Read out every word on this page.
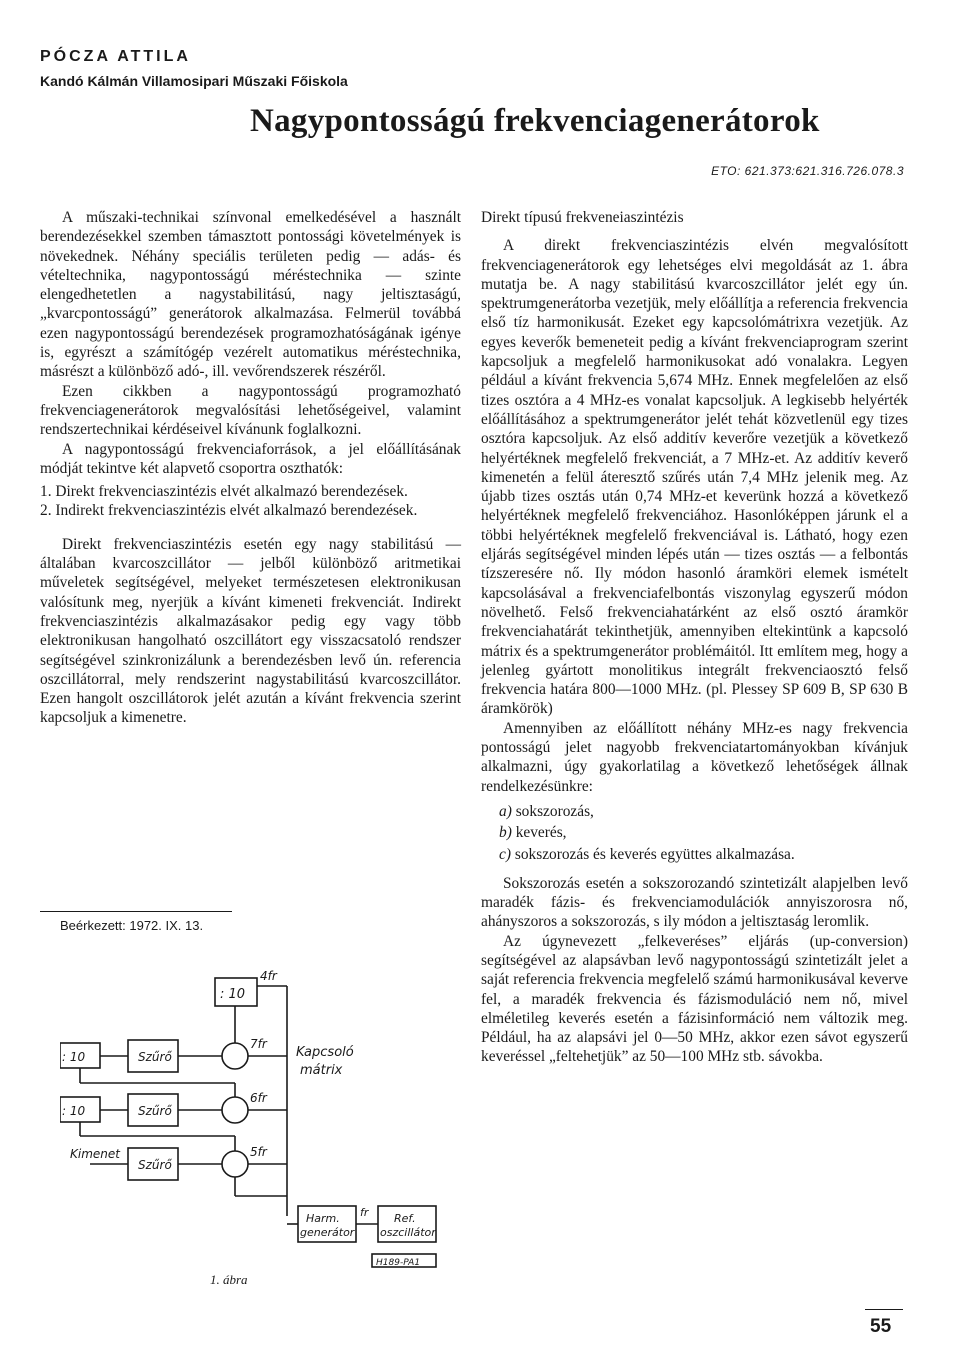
PÓCZA ATTILA
Kandó Kálmán Villamosipari Műszaki Főiskola
Nagypontosságú frekvenciagenerátorok
ETO: 621.373:621.316.726.078.3

A műszaki-technikai színvonal emelkedésével a használt berendezésekkel szemben támasztott pontossági követelmények is növekednek. Néhány speciális területen pedig — adás- és vételtechnika, nagypontosságú méréstechnika — szinte elengedhetetlen a nagystabilitású, nagy jeltisztaságú, „kvarcpontosságú” generátorok alkalmazása. Felmerül továbbá ezen nagypontosságú berendezések programozhatóságának igénye is, egyrészt a számítógép vezérelt automatikus méréstechnika, másrészt a különböző adó-, ill. vevőrendszerek részéről.

Ezen cikkben a nagypontosságú programozható frekvenciagenerátorok megvalósítási lehetőségeivel, valamint rendszertechnikai kérdéseivel kívánunk foglalkozni.

A nagypontosságú frekvenciaforrások, a jel előállításának módját tekintve két alapvető csoportra oszthatók:

1. Direkt frekvenciaszintézis elvét alkalmazó berendezések.
2. Indirekt frekvenciaszintézis elvét alkalmazó berendezések.

Direkt frekvenciaszintézis esetén egy nagy stabilitású — általában kvarcoszcillátor — jelből különböző aritmetikai műveletek segítségével, melyeket természetesen elektronikusan valósítunk meg, nyerjük a kívánt kimeneti frekvenciát. Indirekt frekvenciaszintézis alkalmazásakor pedig egy vagy több elektronikusan hangolható oszcillátort egy visszacsatoló rendszer segítségével szinkronizálunk a berendezésben levő ún. referencia oszcillátorral, mely rendszerint nagystabilitású kvarcoszcillátor. Ezen hangolt oszcillátorok jelét azután a kívánt frekvencia szerint kapcsoljuk a kimenetre.

Beérkezett: 1972. IX. 13.
: 10
4fr
: 10	Szűrő
7fr
: 10	Szűrő
6fr
Szűrő
5fr
Kimenet
Kapcsoló
mátrix
fr
Harm.
generátor
Ref.
oszcillátor
H189-PA1
1. ábra

Direkt típusú frekveneiaszintézis

A direkt frekvenciaszintézis elvén megvalósított frekvenciagenerátorok egy lehetséges elvi megoldását az 1. ábra mutatja be. A nagy stabilitású kvarcoszcillátor jelét egy ún. spektrumgenerátorba vezetjük, mely előállítja a referencia frekvencia első tíz harmonikusát. Ezeket egy kapcsolómátrixra vezetjük. Az egyes keverők bemeneteit pedig a kívánt frekvenciaprogram szerint kapcsoljuk a megfelelő harmonikusokat adó vonalakra. Legyen például a kívánt frekvencia 5,674 MHz. Ennek megfelelően az első tizes osztóra a 4 MHz-es vonalat kapcsoljuk. A legkisebb helyérték előállításához a spektrumgenerátor jelét tehát közvetlenül egy tizes osztóra kapcsoljuk. Az első additív keverőre vezetjük a következő helyértéknek megfelelő frekvenciát, a 7 MHz-et. Az additív keverő kimenetén a felül áteresztő szűrés után 7,4 MHz jelenik meg. Az újabb tizes osztás után 0,74 MHz-et keverünk hozzá a következő helyértéknek megfelelő frekvenciához. Hasonlóképpen járunk el a többi helyértéknek megfelelő frekvenciával is. Látható, hogy ezen eljárás segítségével minden lépés után — tizes osztás — a felbontás tízszeresére nő. Ily módon hasonló áramköri elemek ismételt kapcsolásával a frekvenciafelbontás viszonylag egyszerű módon növelhető. Felső frekvenciahatárként az első osztó áramkör frekvenciahatárát tekinthetjük, amennyiben eltekintünk a kapcsoló mátrix és a spektrumgenerátor problémáitól. Itt említem meg, hogy a jelenleg gyártott monolitikus integrált frekvenciaosztó felső frekvencia határa 800—1000 MHz. (pl. Plessey SP 609 B, SP 630 B áramkörök)

Amennyiben az előállított néhány MHz-es nagy frekvencia pontosságú jelet nagyobb frekvenciatartományokban kívánjuk alkalmazni, úgy gyakorlatilag a következő lehetőségek állnak rendelkezésünkre:

a) sokszorozás,
b) keverés,
c) sokszorozás és keverés együttes alkalmazása.

Sokszorozás esetén a sokszorozandó szintetizált alapjelben levő maradék fázis- és frekvenciamodulációk annyiszorosra nő, ahányszoros a sokszorozás, s ily módon a jeltisztaság leromlik.

Az úgynevezett „felkeveréses” eljárás (up-conversion) segítségével az alapsávban levő nagypontosságú szintetizált jelet a saját referencia frekvencia megfelelő számú harmonikusával keverve fel, a maradék frekvencia és fázismoduláció nem nő, mivel elméletileg keverés esetén a fázisinformáció nem változik meg. Például, ha az alapsávi jel 0—50 MHz, akkor ezen sávot egyszerű keveréssel „feltehetjük” az 50—100 MHz stb. sávokba.

55
